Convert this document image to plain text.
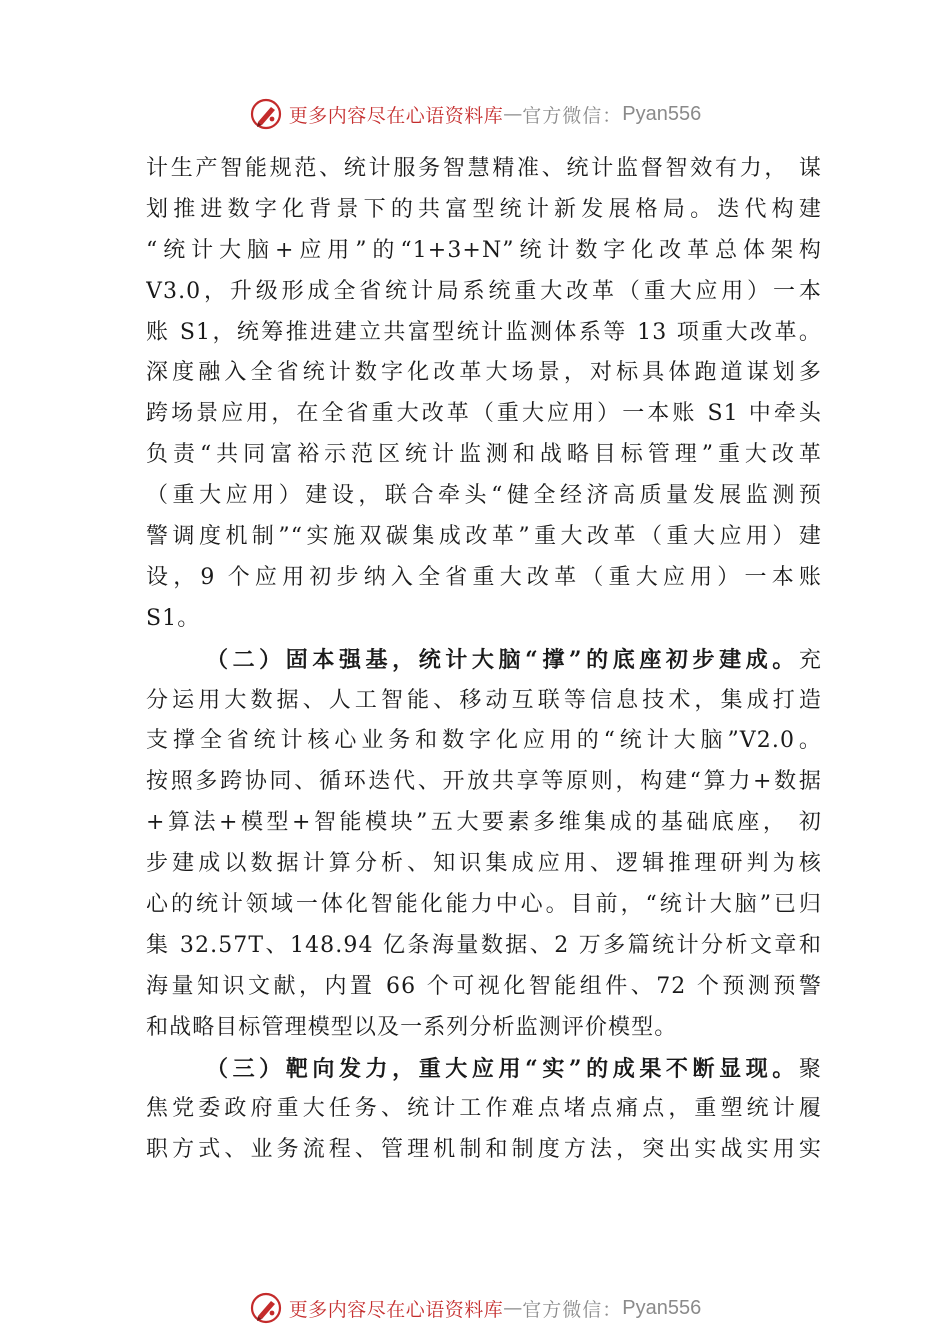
更多内容尽在心语资料库 — 官方微信： Pyan556
计生产智能规范、统计服务智慧精准、统计监督智效有力， 谋
划推进数字化背景下的共富型统计新发展格局。迭代构建
“统计大脑+应用”的“1+3+N”统计数字化改革总体架构
V3.0，升级形成全省统计局系统重大改革（重大应用）一本
账 S1，统筹推进建立共富型统计监测体系等 13 项重大改革。
深度融入全省统计数字化改革大场景，对标具体跑道谋划多
跨场景应用，在全省重大改革（重大应用）一本账 S1 中牵头
负责“共同富裕示范区统计监测和战略目标管理”重大改革
（重大应用）建设，联合牵头“健全经济高质量发展监测预
警调度机制”“实施双碳集成改革”重大改革（重大应用）建
设，9 个应用初步纳入全省重大改革（重大应用）一本账
S1。
（二）固本强基，统计大脑“撑”的底座初步建成。充
分运用大数据、人工智能、移动互联等信息技术，集成打造
支撑全省统计核心业务和数字化应用的“统计大脑”V2.0。
按照多跨协同、循环迭代、开放共享等原则，构建“算力+数据
+算法+模型+智能模块”五大要素多维集成的基础底座， 初
步建成以数据计算分析、知识集成应用、逻辑推理研判为核
心的统计领域一体化智能化能力中心。目前，“统计大脑”已归
集 32.57T、148.94 亿条海量数据、2 万多篇统计分析文章和
海量知识文献，内置 66 个可视化智能组件、72 个预测预警
和战略目标管理模型以及一系列分析监测评价模型。
（三）靶向发力，重大应用“实”的成果不断显现。聚
焦党委政府重大任务、统计工作难点堵点痛点，重塑统计履
职方式、业务流程、管理机制和制度方法，突出实战实用实
更多内容尽在心语资料库 — 官方微信： Pyan556
